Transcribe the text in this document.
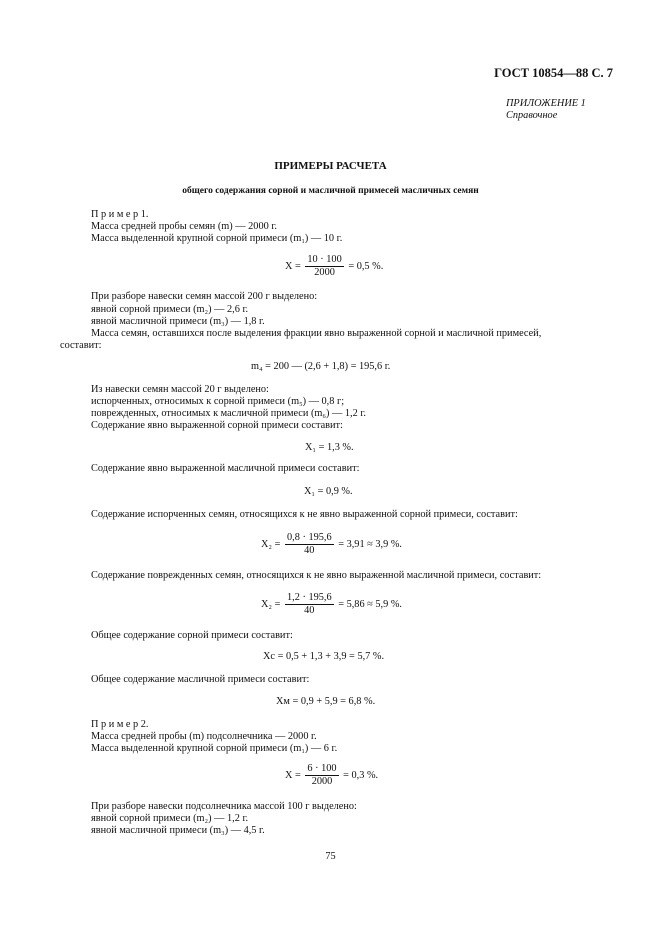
ГОСТ 10854—88 С. 7
ПРИЛОЖЕНИЕ 1
Справочное
ПРИМЕРЫ РАСЧЕТА
общего содержания сорной и масличной примесей масличных семян
П р и м е р 1.
Масса средней пробы семян (m) — 2000 г.
Масса выделенной крупной сорной примеси (m₁) — 10 г.
$X = \frac{10 \cdot 100}{2000} = 0,5$ %.
При разборе навески семян массой 200 г выделено:
явной сорной примеси (m₂) — 2,6 г.
явной масличной примеси (m₃) — 1,8 г.
Масса семян, оставшихся после выделения фракции явно выраженной сорной и масличной примесей,
составит:
m₄ = 200 — (2,6 + 1,8) = 195,6 г.
Из навески семян массой 20 г выделено:
испорченных, относимых к сорной примеси (m₅) — 0,8 г;
поврежденных, относимых к масличной примеси (m₆) — 1,2 г.
Содержание явно выраженной сорной примеси составит:
X₁ = 1,3 %.
Содержание явно выраженной масличной примеси составит:
X₁ = 0,9 %.
Содержание испорченных семян, относящихся к не явно выраженной сорной примеси, составит:
$X_2 = \frac{0,8 \cdot 195,6}{40} = 3,91 \approx 3,9$ %.
Содержание поврежденных семян, относящихся к не явно выраженной масличной примеси, составит:
$X_2 = \frac{1,2 \cdot 195,6}{40} = 5,86 \approx 5,9$ %.
Общее содержание сорной примеси составит:
Xс = 0,5 + 1,3 + 3,9 = 5,7 %.
Общее содержание масличной примеси составит:
Xм = 0,9 + 5,9 = 6,8 %.
П р и м е р 2.
Масса средней пробы (m) подсолнечника — 2000 г.
Масса выделенной крупной сорной примеси (m₁) — 6 г.
$X = \frac{6 \cdot 100}{2000} = 0,3$ %.
При разборе навески подсолнечника массой 100 г выделено:
явной сорной примеси (m₂) — 1,2 г.
явной масличной примеси (m₃) — 4,5 г.
75
